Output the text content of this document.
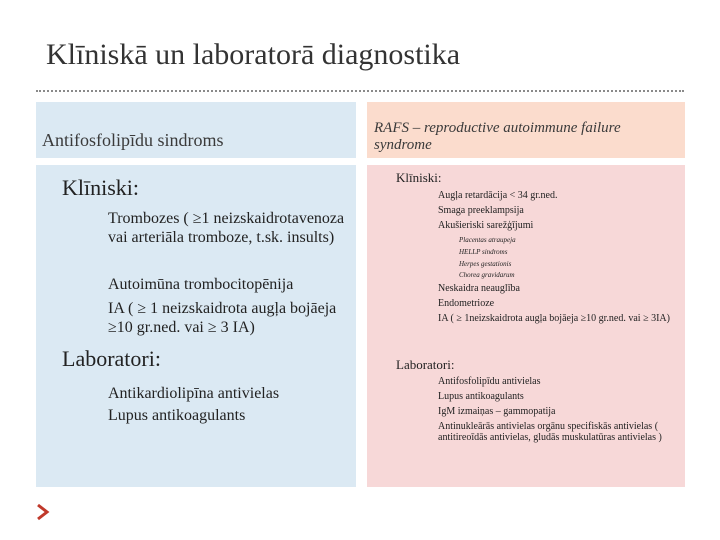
Klīniskā un laboratorā diagnostika
Antifosfolipīdu sindroms
Klīniski:
Trombozes ( ≥1 neizskaidrotavenoza vai arteriāla tromboze, t.sk. insults)
Autoimūna trombocitopēnija
IA ( ≥ 1 neizskaidrota augļa bojāeja ≥10 gr.ned. vai ≥ 3 IA)
Laboratori:
Antikardiolipīna antivielas
Lupus antikoagulants
RAFS – reproductive autoimmune failure syndrome
Klīniski:
Augļa retardācija < 34 gr.ned.
Smaga preeklampsija
Akušieriski sarežģījumi
Placentas atraupeja
HELLP sindroms
Herpes gestationis
Chorea gravidarum
Neskaidra neauglība
Endometrioze
IA ( ≥ 1neizskaidrota augļa bojāeja ≥10 gr.ned. vai ≥ 3IA)
Laboratori:
Antifosfolipīdu antivielas
Lupus antikoagulants
IgM izmaiņas – gammopatija
Antinukleārās antivielas orgānu specifiskās antivielas ( antitireoīdās antivielas, gludās muskulatūras antivielas )
